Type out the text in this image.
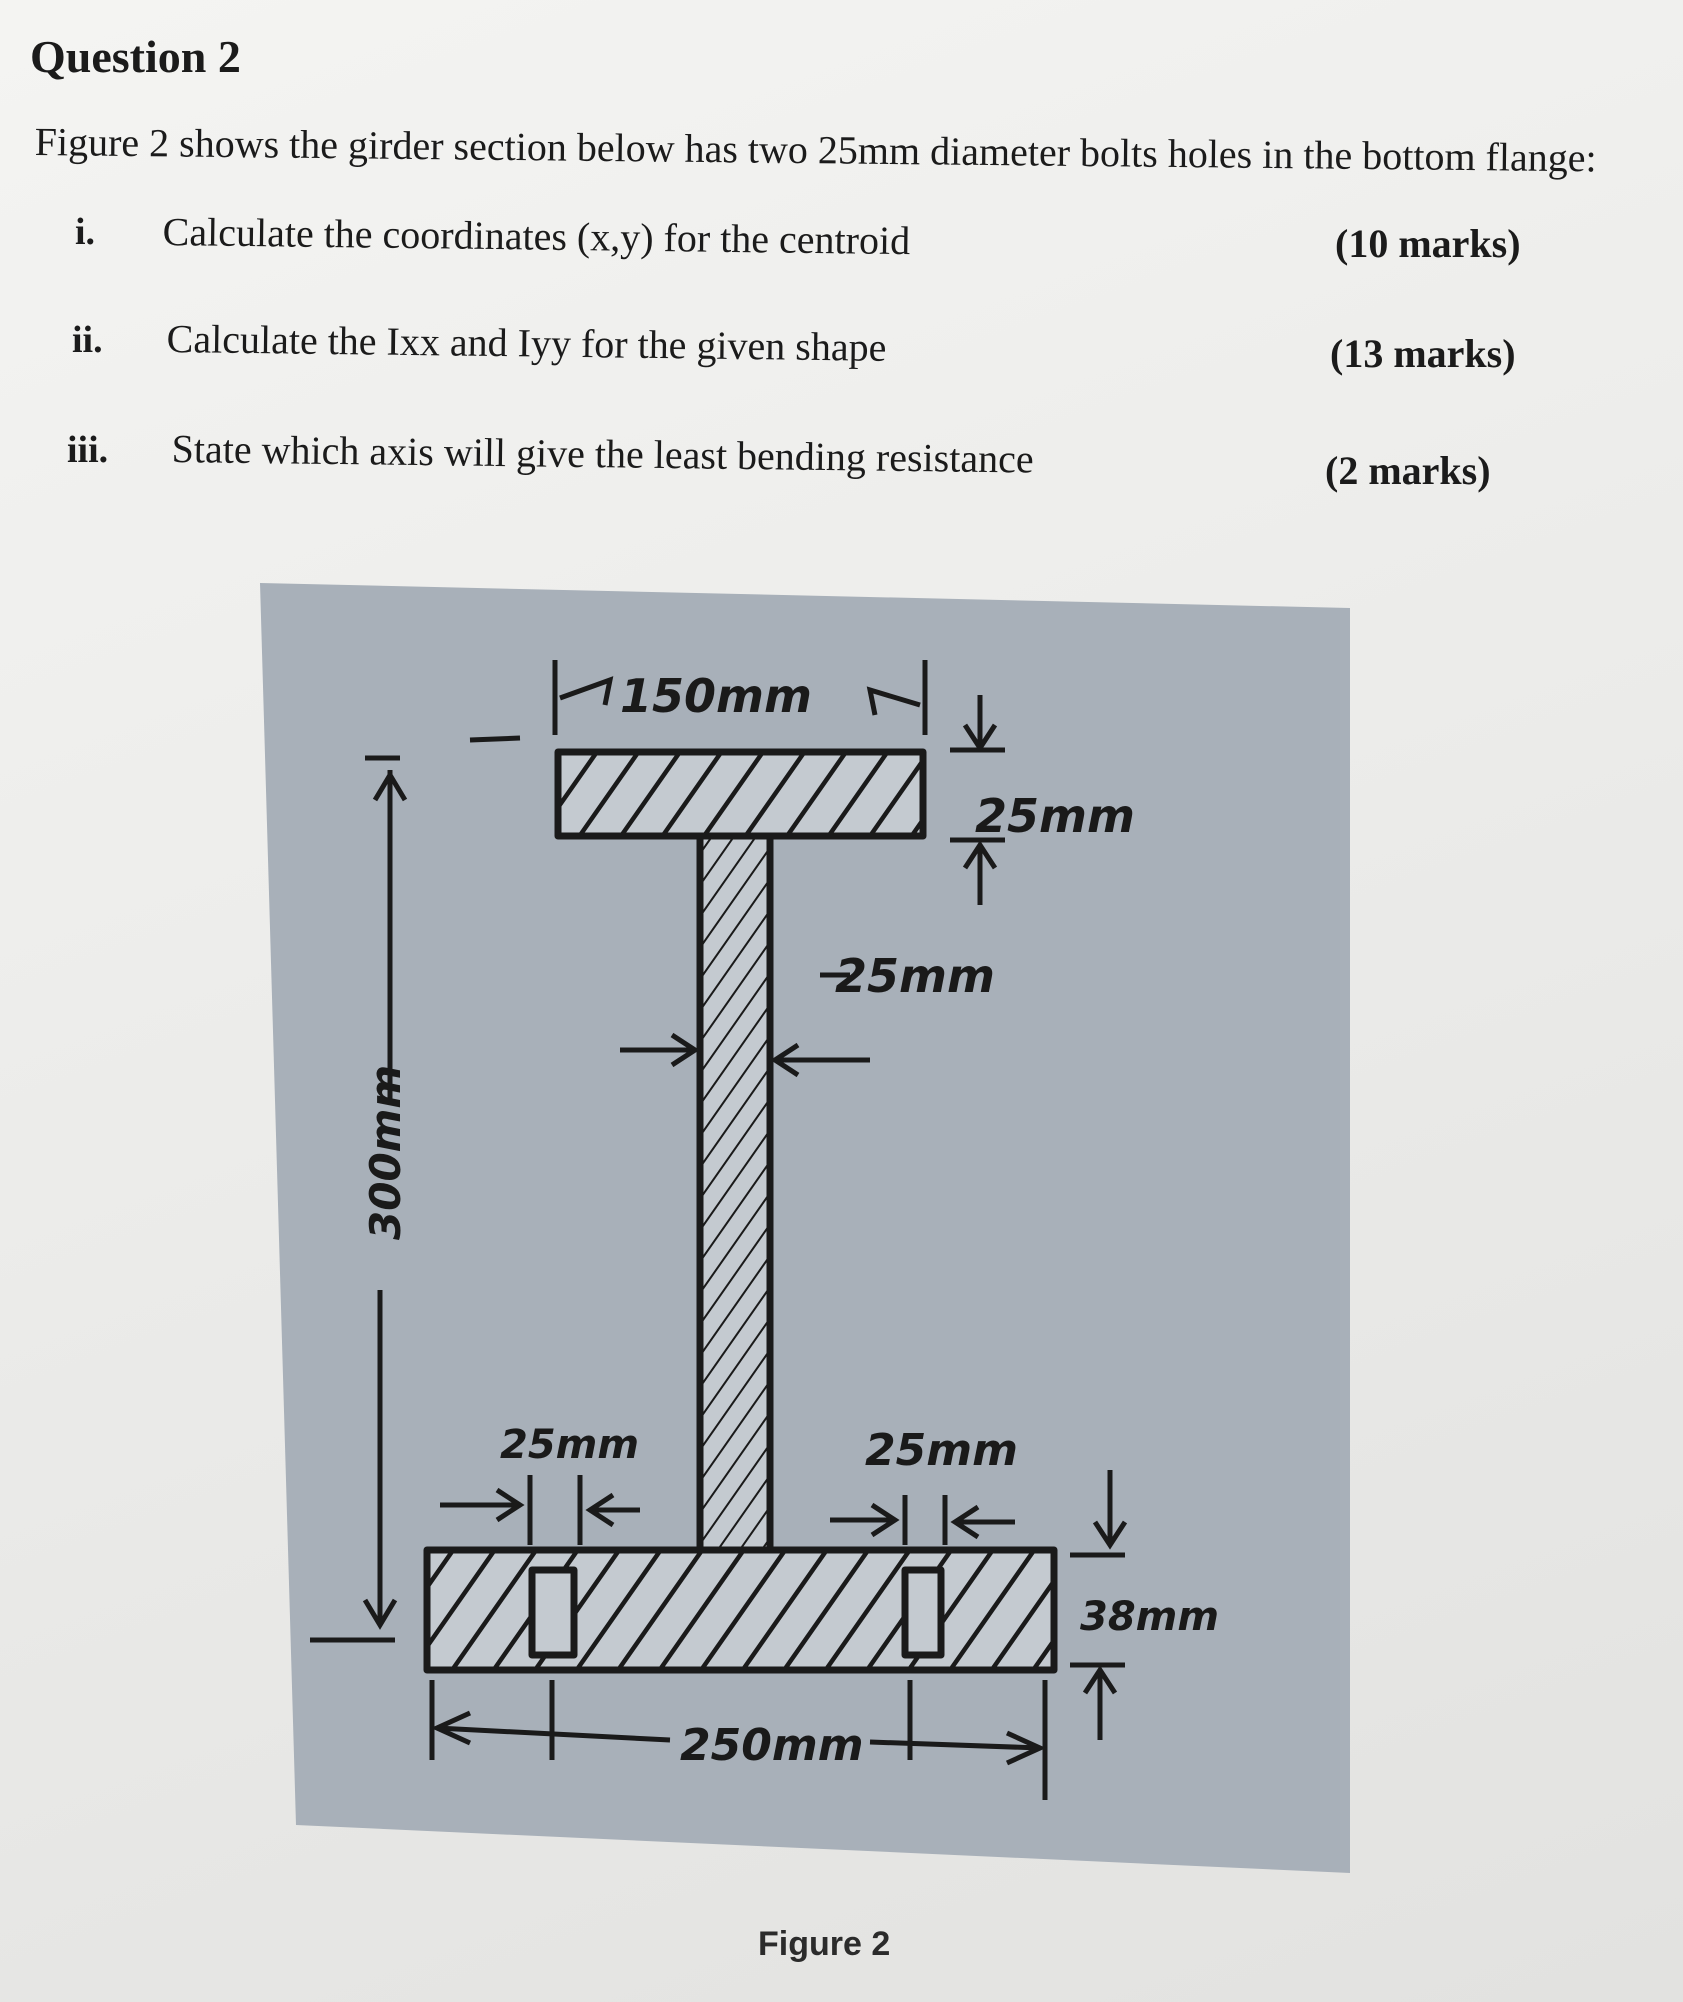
Question 2
Figure 2 shows the girder section below has two 25mm diameter bolts holes in the bottom flange:
i. Calculate the coordinates (x,y) for the centroid	(10 marks)
ii. Calculate the Ixx and Iyy for the given shape	(13 marks)
iii. State which axis will give the least bending resistance	(2 marks)
150mm
25mm
25mm
25mm	25mm
38mm
250mm
300mm
Figure 2
